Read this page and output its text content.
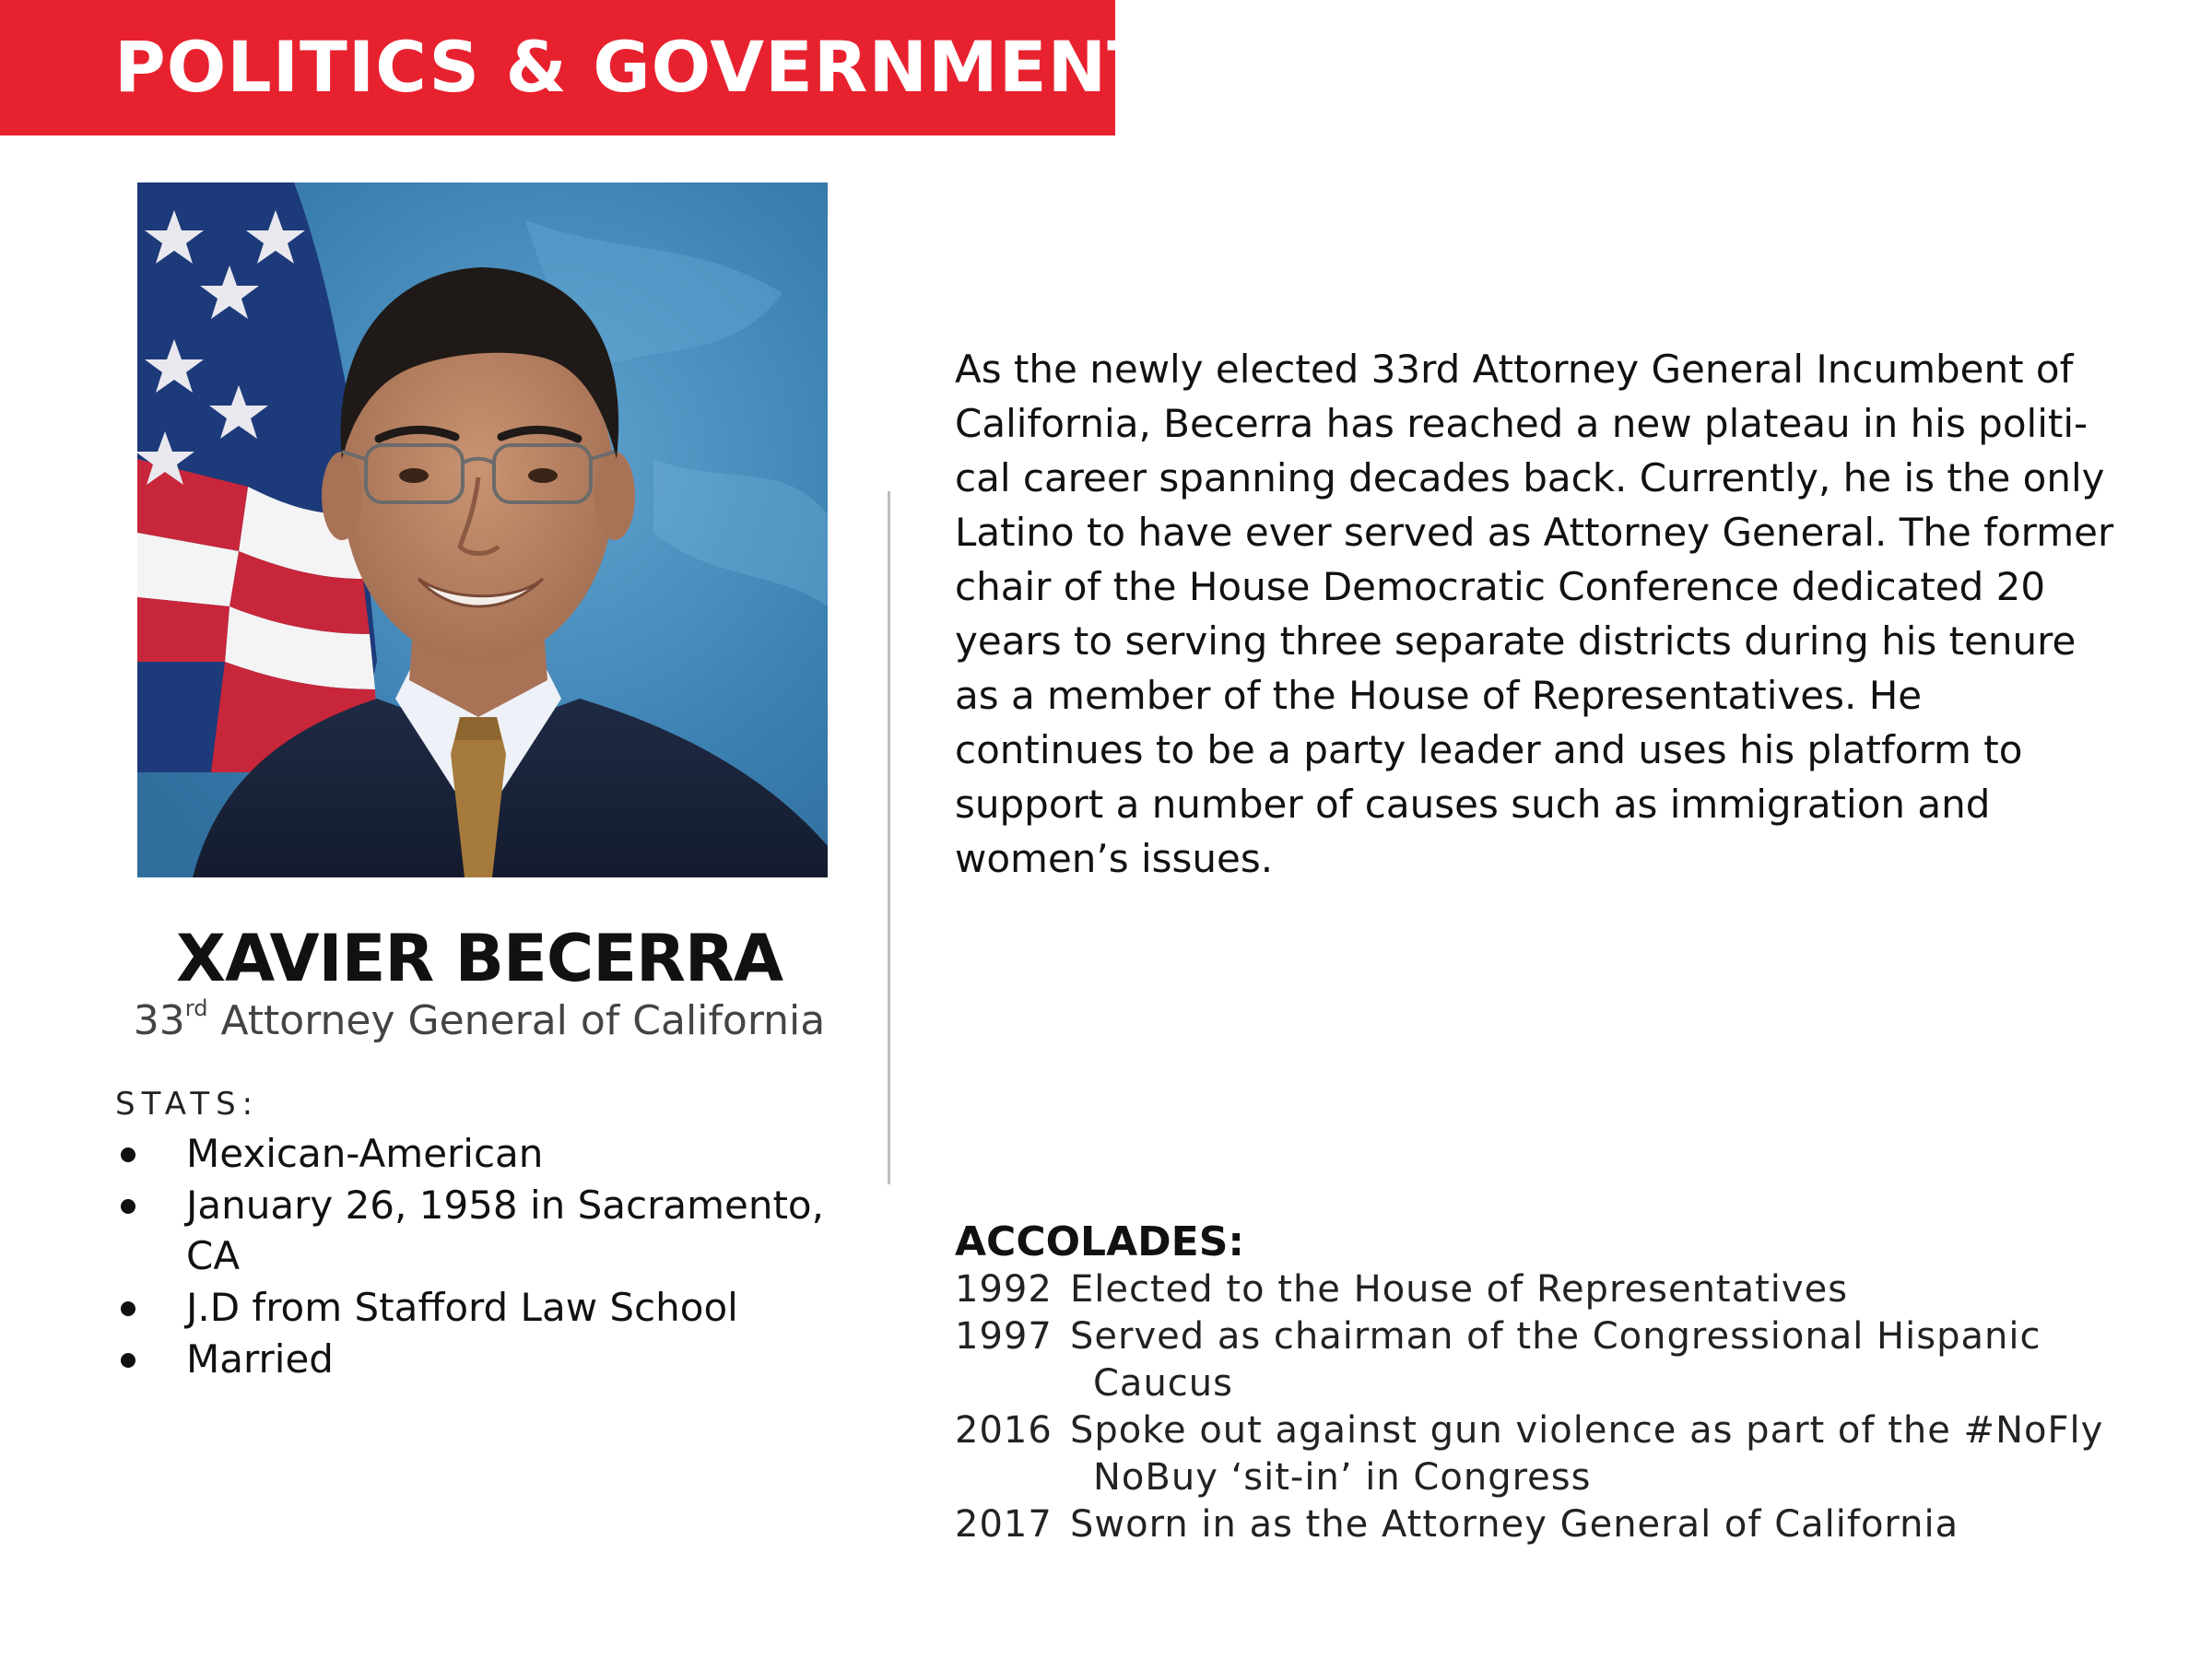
POLITICS & GOVERNMENT
XAVIER BECERRA
33rd Attorney General of California
STATS:
Mexican-American
January 26, 1958 in Sacramento, CA
J.D from Stafford Law School
Married

As the newly elected 33rd Attorney General Incumbent of California, Becerra has reached a new plateau in his politi-cal career spanning decades back. Currently, he is the only Latino to have ever served as Attorney General. The former chair of the House Democratic Conference dedicated 20 years to serving three separate districts during his tenure as a member of the House of Representatives. He continues to be a party leader and uses his platform to support a number of causes such as immigration and women’s issues.

ACCOLADES:
1992 Elected to the House of Representatives
1997 Served as chairman of the Congressional Hispanic Caucus
2016 Spoke out against gun violence as part of the #NoFly NoBuy ‘sit-in’ in Congress
2017 Sworn in as the Attorney General of California
